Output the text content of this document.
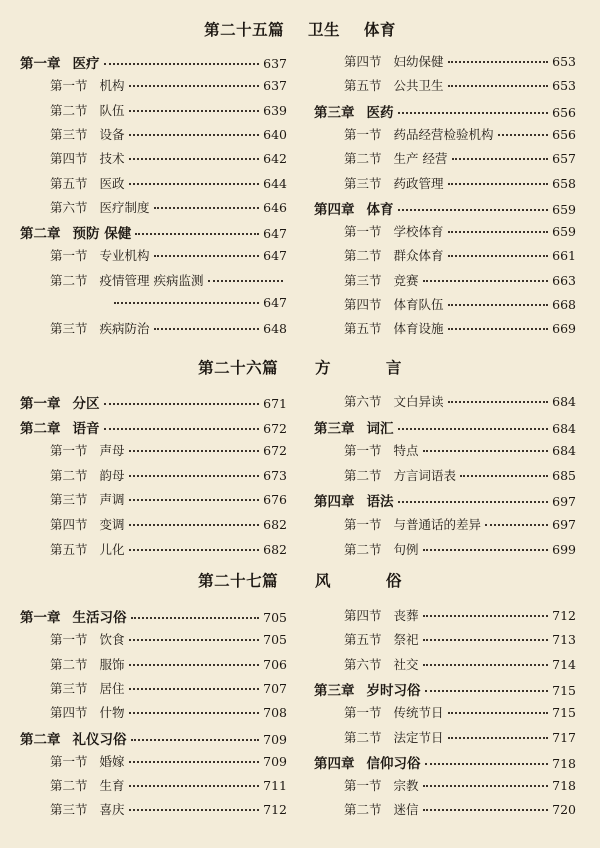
第二十五篇 卫生 体育
第一章 医疗	637
第一节 机构	637
第二节 队伍	639
第三节 设备	640
第四节 技术	642
第五节 医政	644
第六节 医疗制度	646
第二章 预防 保健	647
第一节 专业机构	647
第二节 疫情管理 疾病监测
647
第三节 疾病防治	648
第四节 妇幼保健	653
第五节 公共卫生	653
第三章 医药	656
第一节 药品经营检验机构	656
第二节 生产 经营	657
第三节 药政管理	658
第四章 体育	659
第一节 学校体育	659
第二节 群众体育	661
第三节 竞赛	663
第四节 体育队伍	668
第五节 体育设施	669
第二十六篇 方	言
第一章 分区	671
第二章 语音	672
第一节 声母	672
第二节 韵母	673
第三节 声调	676
第四节 变调	682
第五节 儿化	682
第六节 文白异读	684
第三章 词汇	684
第一节 特点	684
第二节 方言词语表	685
第四章 语法	697
第一节 与普通话的差异	697
第二节 句例	699
第二十七篇 风	俗
第一章 生活习俗	705
第一节 饮食	705
第二节 服饰	706
第三节 居住	707
第四节 什物	708
第二章 礼仪习俗	709
第一节 婚嫁	709
第二节 生育	711
第三节 喜庆	712
第四节 丧葬	712
第五节 祭祀	713
第六节 社交	714
第三章 岁时习俗	715
第一节 传统节日	715
第二节 法定节日	717
第四章 信仰习俗	718
第一节 宗教	718
第二节 迷信	720
